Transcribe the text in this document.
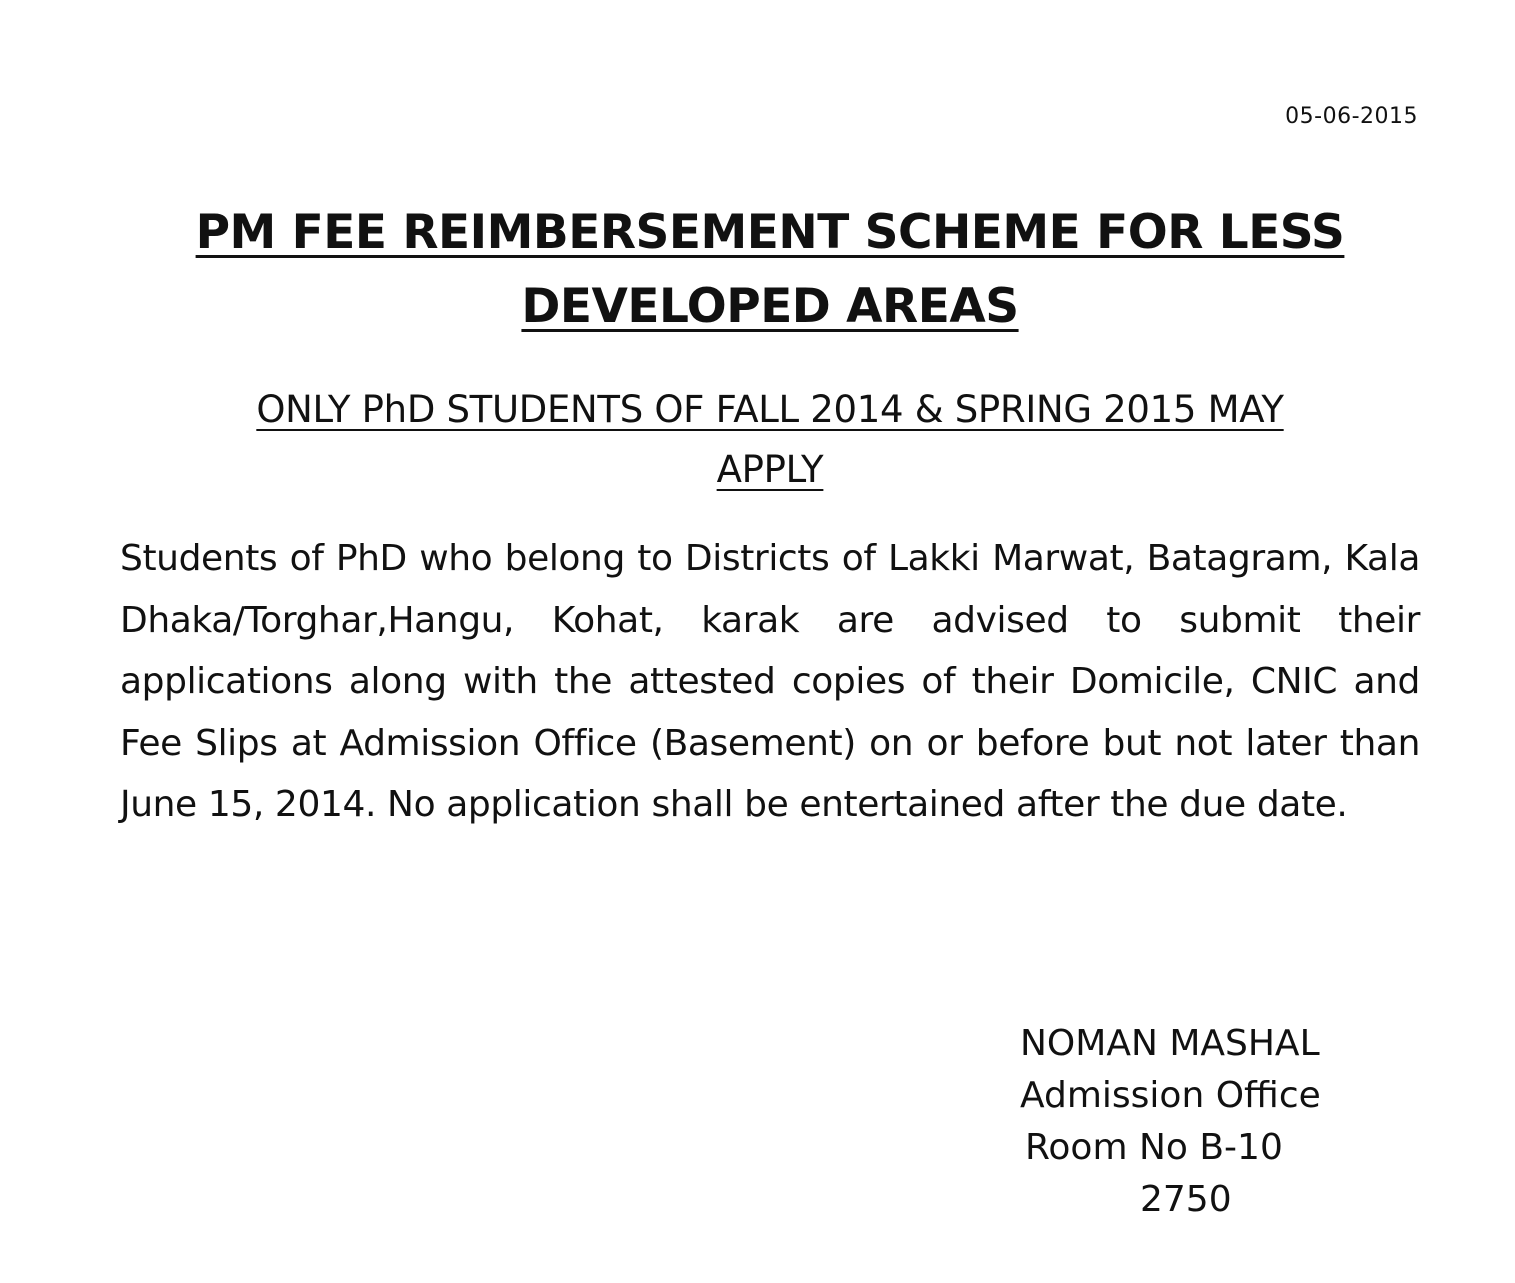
05-06-2015
PM FEE REIMBERSEMENT SCHEME FOR LESS
DEVELOPED AREAS
ONLY PhD STUDENTS OF FALL 2014 & SPRING 2015 MAY
APPLY
Students of PhD who belong to Districts of Lakki Marwat, Batagram, Kala Dhaka/Torghar,Hangu, Kohat, karak are advised to submit their applications along with the attested copies of their Domicile, CNIC and Fee Slips at Admission Office (Basement) on or before but not later than June 15, 2014. No application shall be entertained after the due date.
NOMAN MASHAL
Admission Office
Room No B-10
2750
